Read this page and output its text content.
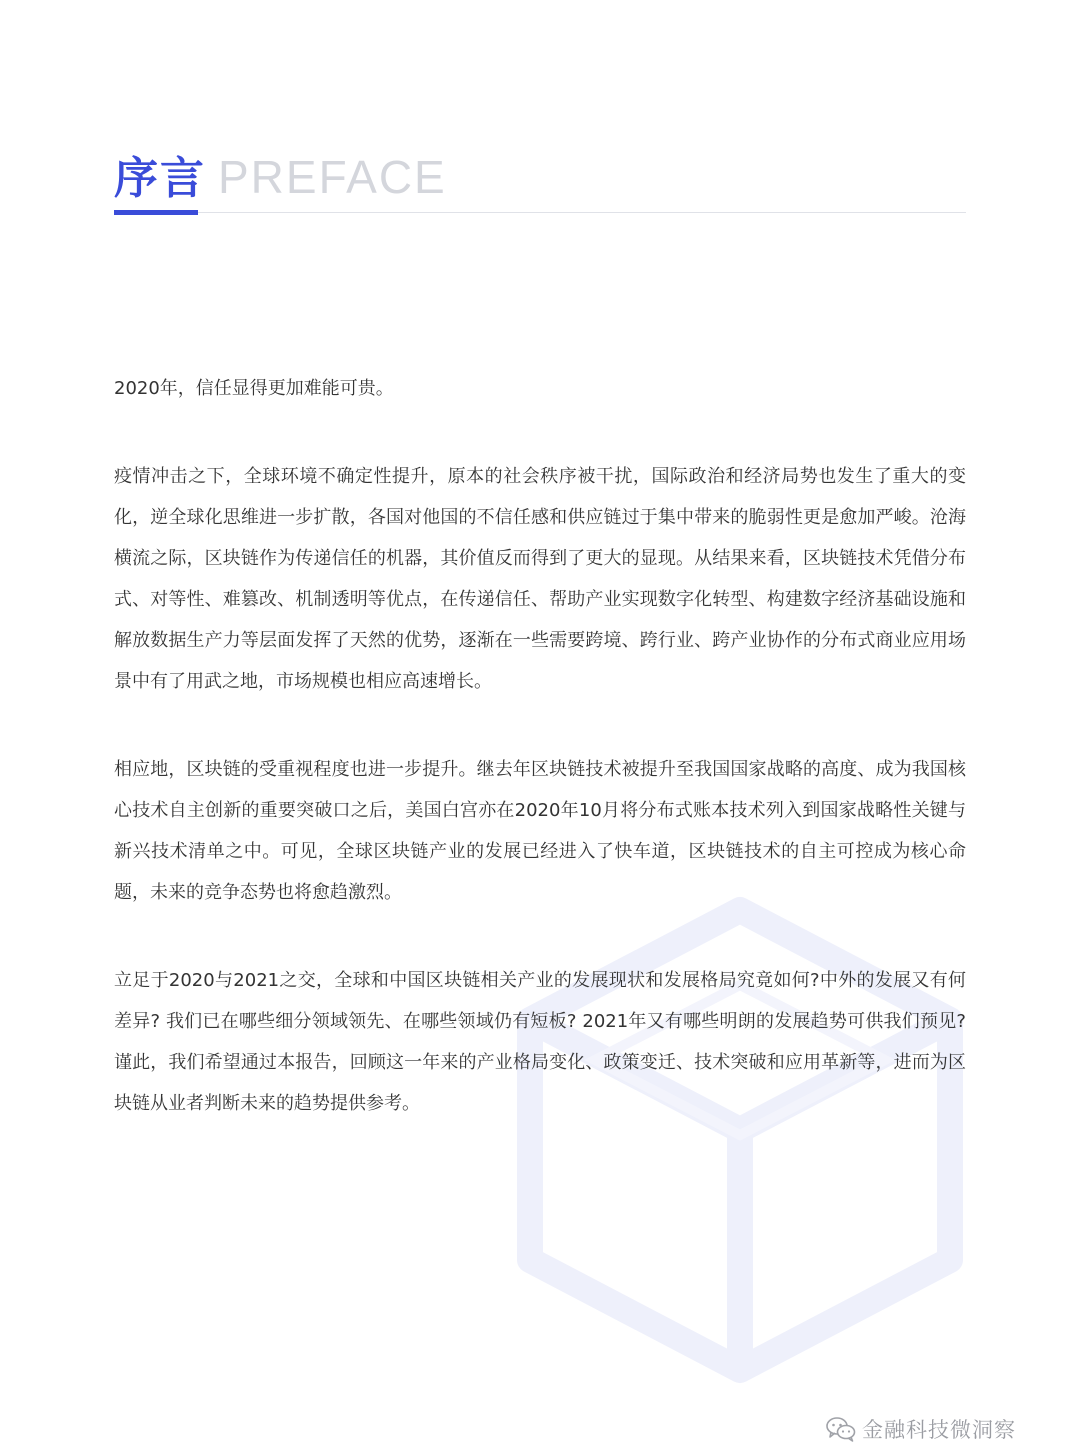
序言 PREFACE

2020年，信任显得更加难能可贵。

疫情冲击之下，全球环境不确定性提升，原本的社会秩序被干扰，国际政治和经济局势也发生了重大的变化，逆全球化思维进一步扩散，各国对他国的不信任感和供应链过于集中带来的脆弱性更是愈加严峻。沧海横流之际，区块链作为传递信任的机器，其价值反而得到了更大的显现。从结果来看，区块链技术凭借分布式、对等性、难篡改、机制透明等优点，在传递信任、帮助产业实现数字化转型、构建数字经济基础设施和解放数据生产力等层面发挥了天然的优势，逐渐在一些需要跨境、跨行业、跨产业协作的分布式商业应用场景中有了用武之地，市场规模也相应高速增长。

相应地，区块链的受重视程度也进一步提升。继去年区块链技术被提升至我国国家战略的高度、成为我国核心技术自主创新的重要突破口之后，美国白宫亦在2020年10月将分布式账本技术列入到国家战略性关键与新兴技术清单之中。可见，全球区块链产业的发展已经进入了快车道，区块链技术的自主可控成为核心命题，未来的竞争态势也将愈趋激烈。

立足于2020与2021之交，全球和中国区块链相关产业的发展现状和发展格局究竟如何?中外的发展又有何差异? 我们已在哪些细分领域领先、在哪些领域仍有短板? 2021年又有哪些明朗的发展趋势可供我们预见? 谨此，我们希望通过本报告，回顾这一年来的产业格局变化、政策变迁、技术突破和应用革新等，进而为区块链从业者判断未来的趋势提供参考。

金融科技微洞察
